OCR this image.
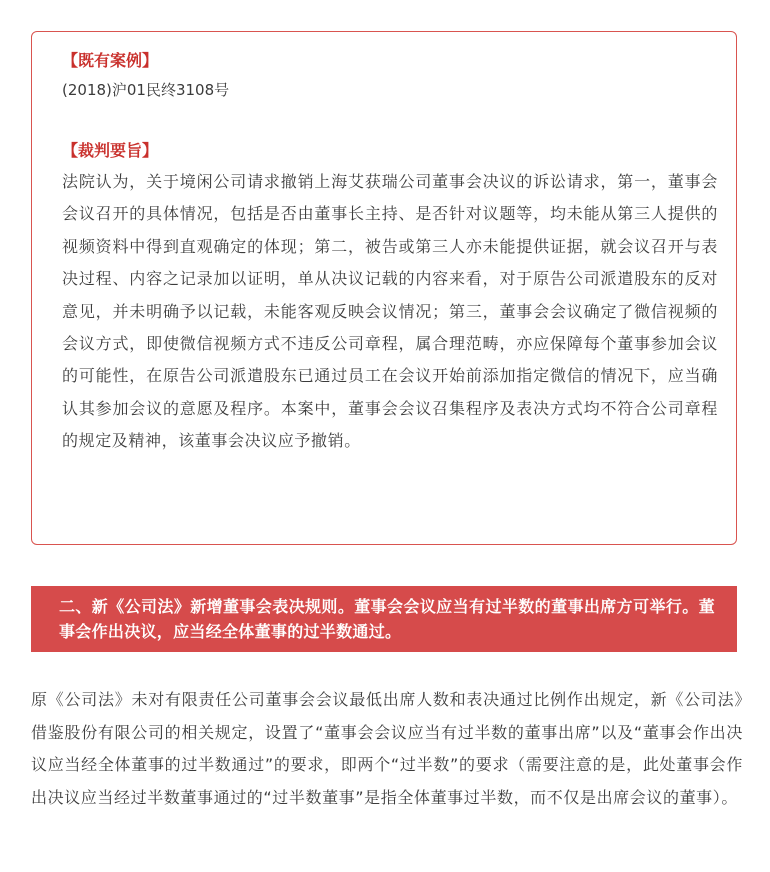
【既有案例】
(2018)沪01民终3108号
【裁判要旨】

法院认为，关于境闲公司请求撤销上海艾获瑞公司董事会决议的诉讼请求，第一，董事会会议召开的具体情况，包括是否由董事长主持、是否针对议题等，均未能从第三人提供的视频资料中得到直观确定的体现；第二，被告或第三人亦未能提供证据，就会议召开与表决过程、内容之记录加以证明，单从决议记载的内容来看，对于原告公司派遣股东的反对意见，并未明确予以记载，未能客观反映会议情况；第三，董事会会议确定了微信视频的会议方式，即使微信视频方式不违反公司章程，属合理范畴，亦应保障每个董事参加会议的可能性，在原告公司派遣股东已通过员工在会议开始前添加指定微信的情况下，应当确认其参加会议的意愿及程序。本案中，董事会会议召集程序及表决方式均不符合公司章程的规定及精神，该董事会决议应予撤销。

二、新《公司法》新增董事会表决规则。董事会会议应当有过半数的董事出席方可举行。董事会作出决议，应当经全体董事的过半数通过。

原《公司法》未对有限责任公司董事会会议最低出席人数和表决通过比例作出规定，新《公司法》借鉴股份有限公司的相关规定，设置了“董事会会议应当有过半数的董事出席”以及“董事会作出决议应当经全体董事的过半数通过”的要求，即两个“过半数”的要求（需要注意的是，此处董事会作出决议应当经过半数董事通过的“过半数董事”是指全体董事过半数，而不仅是出席会议的董事）。
